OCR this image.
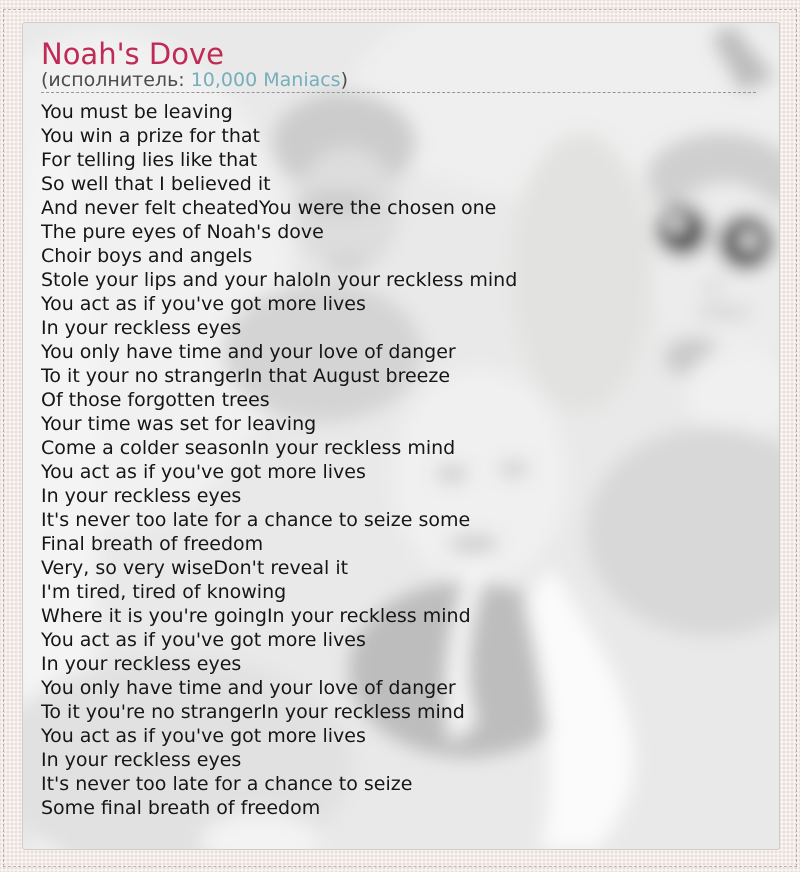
Noah's Dove
(исполнитель: 10,000 Maniacs)
You must be leaving
You win a prize for that
For telling lies like that
So well that I believed it
And never felt cheatedYou were the chosen one
The pure eyes of Noah's dove
Choir boys and angels
Stole your lips and your haloIn your reckless mind
You act as if you've got more lives
In your reckless eyes
You only have time and your love of danger
To it your no strangerIn that August breeze
Of those forgotten trees
Your time was set for leaving
Come a colder seasonIn your reckless mind
You act as if you've got more lives
In your reckless eyes
It's never too late for a chance to seize some
Final breath of freedom
Very, so very wiseDon't reveal it
I'm tired, tired of knowing
Where it is you're goingIn your reckless mind
You act as if you've got more lives
In your reckless eyes
You only have time and your love of danger
To it you're no strangerIn your reckless mind
You act as if you've got more lives
In your reckless eyes
It's never too late for a chance to seize
Some final breath of freedom
